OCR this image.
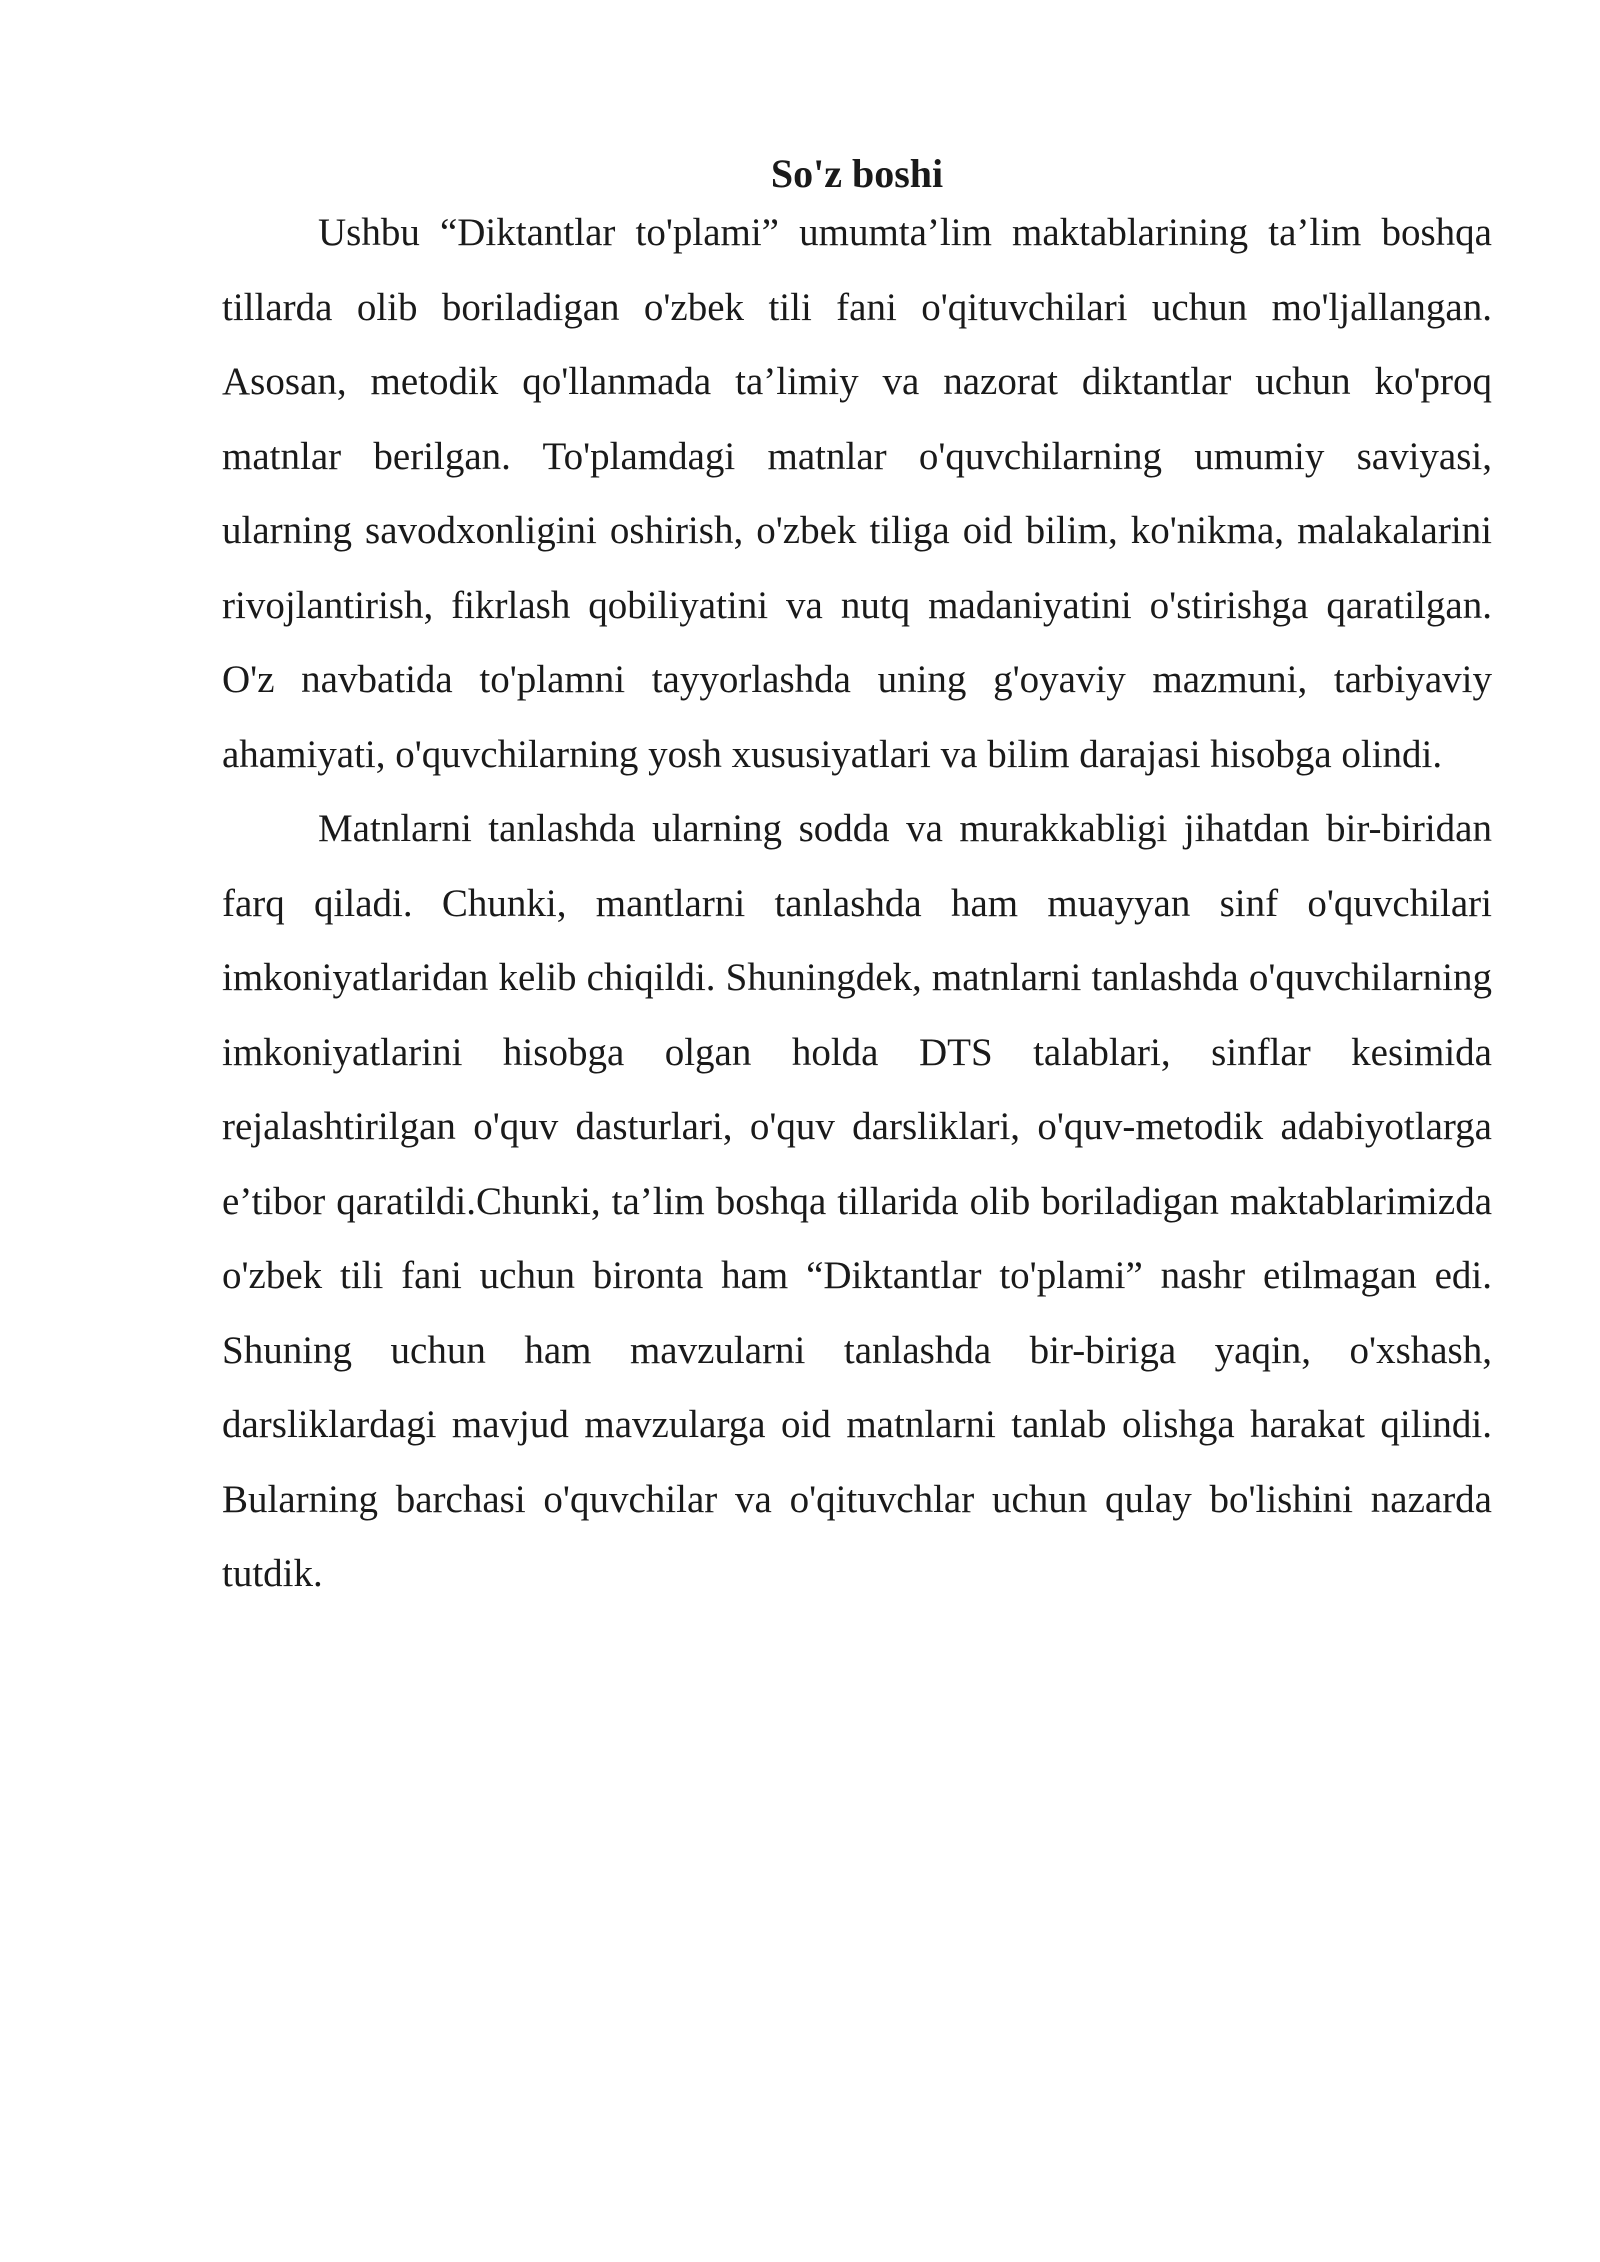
So'z boshi

Ushbu “Diktantlar to'plami” umumta’lim maktablarining ta’lim boshqa tillarda olib boriladigan o'zbek tili fani o'qituvchilari uchun mo'ljallangan. Asosan, metodik qo'llanmada ta’limiy va nazorat diktantlar uchun ko'proq matnlar berilgan. To'plamdagi matnlar o'quvchilarning umumiy saviyasi, ularning savodxonligini oshirish, o'zbek tiliga oid bilim, ko'nikma, malakalarini rivojlantirish, fikrlash qobiliyatini va nutq madaniyatini o'stirishga qaratilgan. O'z navbatida to'plamni tayyorlashda uning g'oyaviy mazmuni, tarbiyaviy ahamiyati, o'quvchilarning yosh xususiyatlari va bilim darajasi hisobga olindi.

Matnlarni tanlashda ularning sodda va murakkabligi jihatdan bir-biridan farq qiladi. Chunki, mantlarni tanlashda ham muayyan sinf o'quvchilari imkoniyatlaridan kelib chiqildi. Shuningdek, matnlarni tanlashda o'quvchilarning imkoniyatlarini hisobga olgan holda DTS talablari, sinflar kesimida rejalashtirilgan o'quv dasturlari, o'quv darsliklari, o'quv-metodik adabiyotlarga e’tibor qaratildi.Chunki, ta’lim boshqa tillarida olib boriladigan maktablarimizda o'zbek tili fani uchun bironta ham “Diktantlar to'plami” nashr etilmagan edi. Shuning uchun ham mavzularni tanlashda bir-biriga yaqin, o'xshash, darsliklardagi mavjud mavzularga oid matnlarni tanlab olishga harakat qilindi. Bularning barchasi o'quvchilar va o'qituvchlar uchun qulay bo'lishini nazarda tutdik.
